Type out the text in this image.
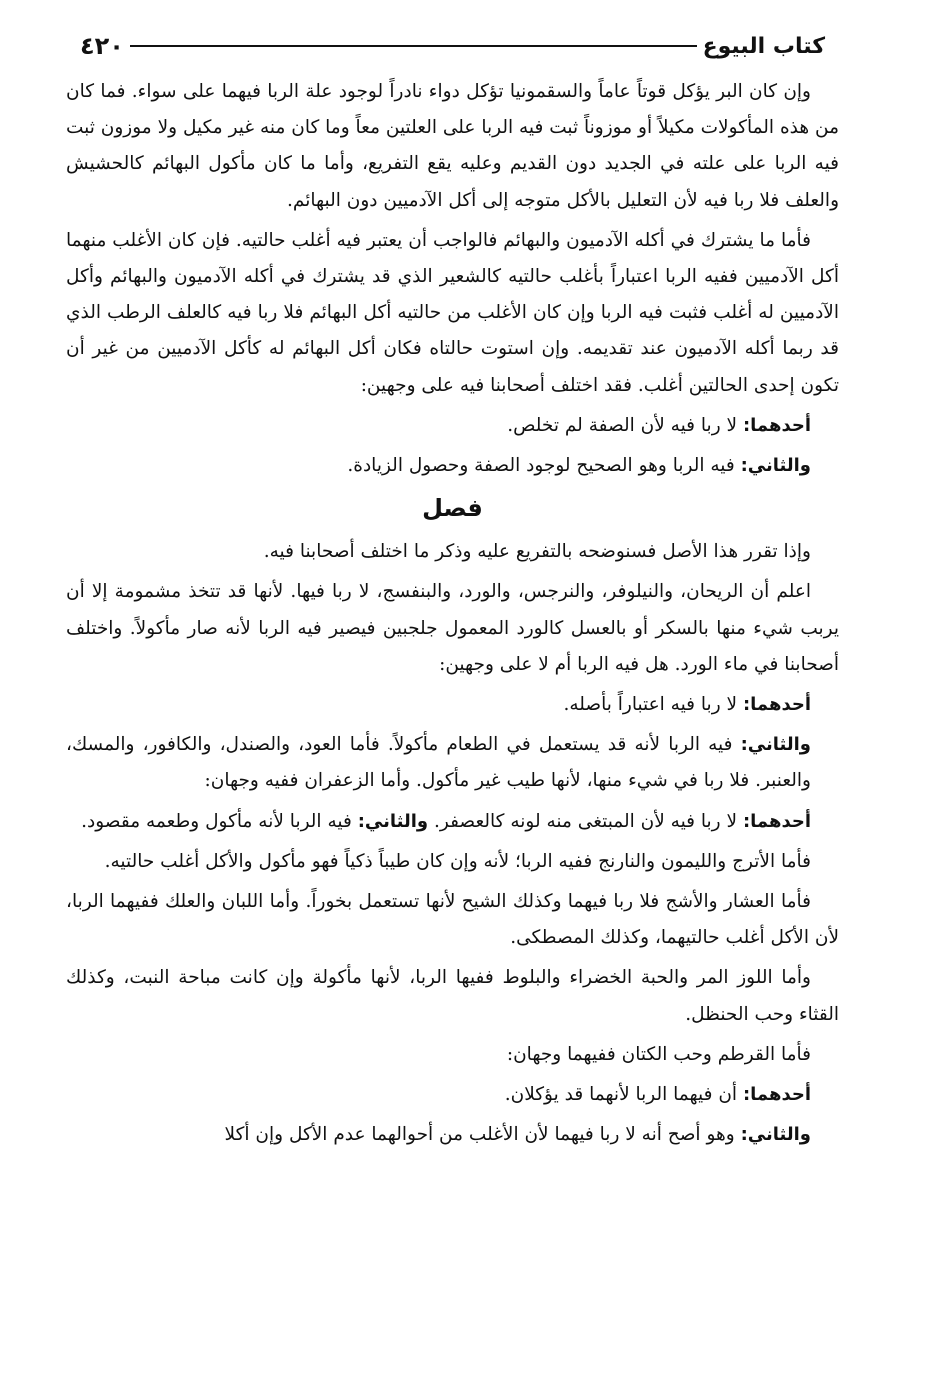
كتاب البيوع
٤٢٠

وإن كان البر يؤكل قوتاً عاماً والسقمونيا تؤكل دواء نادراً لوجود علة الربا فيهما على سواء. فما كان من هذه المأكولات مكيلاً أو موزوناً ثبت فيه الربا على العلتين معاً وما كان منه غير مكيل ولا موزون ثبت فيه الربا على علته في الجديد دون القديم وعليه يقع التفريع، وأما ما كان مأكول البهائم كالحشيش والعلف فلا ربا فيه لأن التعليل بالأكل متوجه إلى أكل الآدميين دون البهائم.

فأما ما يشترك في أكله الآدميون والبهائم فالواجب أن يعتبر فيه أغلب حالتيه. فإن كان الأغلب منهما أكل الآدميين ففيه الربا اعتباراً بأغلب حالتيه كالشعير الذي قد يشترك في أكله الآدميون والبهائم وأكل الآدميين له أغلب فثبت فيه الربا وإن كان الأغلب من حالتيه أكل البهائم فلا ربا فيه كالعلف الرطب الذي قد ربما أكله الآدميون عند تقديمه. وإن استوت حالتاه فكان أكل البهائم له كأكل الآدميين من غير أن تكون إحدى الحالتين أغلب. فقد اختلف أصحابنا فيه على وجهين:

أحدهما: لا ربا فيه لأن الصفة لم تخلص.

والثاني: فيه الربا وهو الصحيح لوجود الصفة وحصول الزيادة.

فصل

وإذا تقرر هذا الأصل فسنوضحه بالتفريع عليه وذكر ما اختلف أصحابنا فيه.

اعلم أن الريحان، والنيلوفر، والنرجس، والورد، والبنفسج، لا ربا فيها. لأنها قد تتخذ مشمومة إلا أن يربب شيء منها بالسكر أو بالعسل كالورد المعمول جلجبين فيصير فيه الربا لأنه صار مأكولاً. واختلف أصحابنا في ماء الورد. هل فيه الربا أم لا على وجهين:

أحدهما: لا ربا فيه اعتباراً بأصله.

والثاني: فيه الربا لأنه قد يستعمل في الطعام مأكولاً. فأما العود، والصندل، والكافور، والمسك، والعنبر. فلا ربا في شيء منها، لأنها طيب غير مأكول. وأما الزعفران ففيه وجهان:

أحدهما: لا ربا فيه لأن المبتغى منه لونه كالعصفر. والثاني: فيه الربا لأنه مأكول وطعمه مقصود.

فأما الأترج والليمون والنارنج ففيه الربا؛ لأنه وإن كان طيباً ذكياً فهو مأكول والأكل أغلب حالتيه.

فأما العشار والأشج فلا ربا فيهما وكذلك الشيح لأنها تستعمل بخوراً. وأما اللبان والعلك ففيهما الربا، لأن الأكل أغلب حالتيهما، وكذلك المصطكى.

وأما اللوز المر والحبة الخضراء والبلوط ففيها الربا، لأنها مأكولة وإن كانت مباحة النبت، وكذلك القثاء وحب الحنظل.

فأما القرطم وحب الكتان ففيهما وجهان:

أحدهما: أن فيهما الربا لأنهما قد يؤكلان.

والثاني: وهو أصح أنه لا ربا فيهما لأن الأغلب من أحوالهما عدم الأكل وإن أكلا
